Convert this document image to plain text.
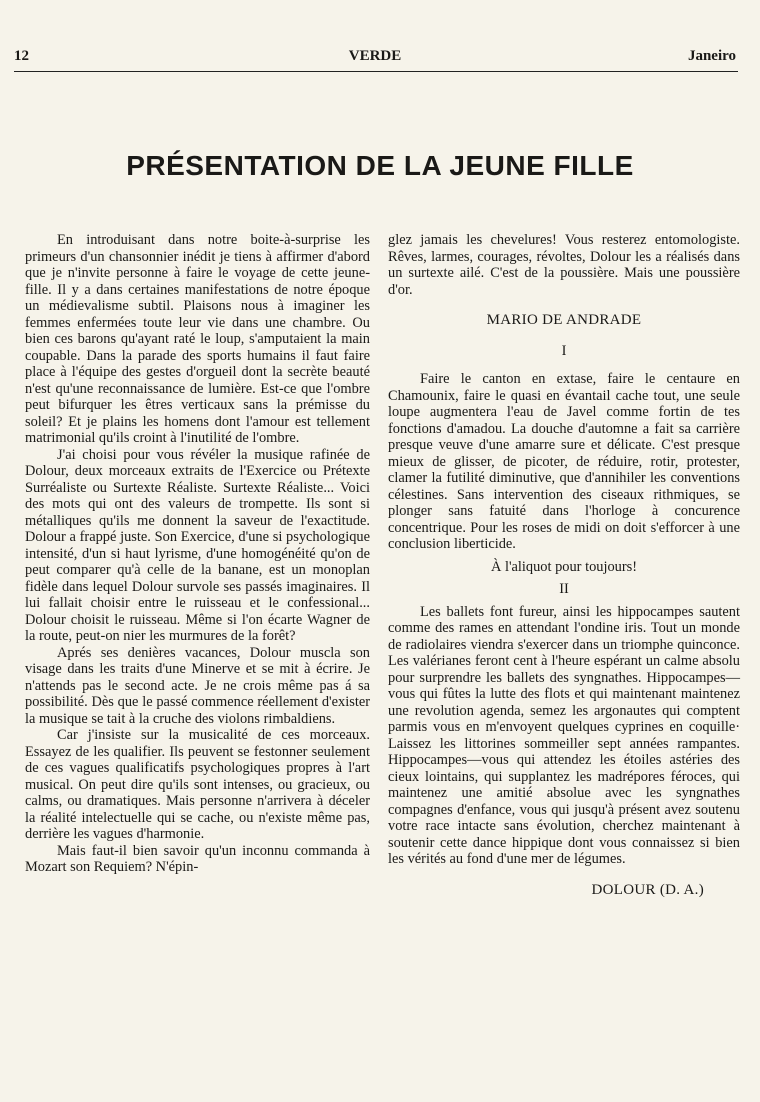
12	VERDE	Janeiro
PRÉSENTATION DE LA JEUNE FILLE

En introduisant dans notre boite-à-surprise les primeurs d'un chansonnier inédit je tiens à affirmer d'abord que je n'invite personne à faire le voyage de cette jeune-fille. Il y a dans certaines manifestations de notre époque un médievalisme subtil. Plaisons nous à imaginer les femmes enfermées toute leur vie dans une chambre. Ou bien ces barons qu'ayant raté le loup, s'amputaient la main coupable. Dans la parade des sports humains il faut faire place à l'équipe des gestes d'orgueil dont la secrète beauté n'est qu'une reconnaissance de lumière. Est-ce que l'ombre peut bifurquer les êtres verticaux sans la prémisse du soleil? Et je plains les homens dont l'amour est tellement matrimonial qu'ils croint à l'inutilité de l'ombre.

J'ai choisi pour vous révéler la musique rafinée de Dolour, deux morceaux extraits de l'Exercice ou Prétexte Surréaliste ou Surtexte Réaliste. Surtexte Réaliste... Voici des mots qui ont des valeurs de trompette. Ils sont si métalliques qu'ils me donnent la saveur de l'exactitude. Dolour a frappé juste. Son Exercice, d'une si psychologique intensité, d'un si haut lyrisme, d'une homogénéité qu'on de peut comparer qu'à celle de la banane, est un monoplan fidèle dans lequel Dolour survole ses passés imaginaires. Il lui fallait choisir entre le ruisseau et le confessional... Dolour choisit le ruisseau. Même si l'on écarte Wagner de la route, peut-on nier les murmures de la forêt?

Aprés ses denières vacances, Dolour muscla son visage dans les traits d'une Minerve et se mit à écrire. Je n'attends pas le second acte. Je ne crois même pas á sa possibilité. Dès que le passé commence réellement d'exister la musique se tait à la cruche des violons rimbaldiens.

Car j'insiste sur la musicalité de ces morceaux. Essayez de les qualifier. Ils peuvent se festonner seulement de ces vagues qualificatifs psychologiques propres à l'art musical. On peut dire qu'ils sont intenses, ou gracieux, ou calms, ou dramatiques. Mais personne n'arrivera à déceler la réalité intelectuelle qui se cache, ou n'existe même pas, derrière les vagues d'harmonie.

Mais faut-il bien savoir qu'un inconnu commanda à Mozart son Requiem? N'épin-

glez jamais les chevelures! Vous resterez entomologiste. Rêves, larmes, courages, révoltes, Dolour les a réalisés dans un surtexte ailé. C'est de la poussière. Mais une poussière d'or.

MARIO DE ANDRADE
I

Faire le canton en extase, faire le centaure en Chamounix, faire le quasi en évantail cache tout, une seule loupe augmentera l'eau de Javel comme fortin de tes fonctions d'amadou. La douche d'automne a fait sa carrière presque veuve d'une amarre sure et délicate. C'est presque mieux de glisser, de picoter, de réduire, rotir, protester, clamer la futilité diminutive, que d'annihiler les conventions célestines. Sans intervention des ciseaux rithmiques, se plonger sans fatuité dans l'horloge à concurence concentrique. Pour les roses de midi on doit s'efforcer à une conclusion liberticide.

À l'aliquot pour toujours!
II

Les ballets font fureur, ainsi les hippocampes sautent comme des rames en attendant l'ondine iris. Tout un monde de radiolaires viendra s'exercer dans un triomphe quinconce. Les valérianes feront cent à l'heure espérant un calme absolu pour surprendre les ballets des syngnathes. Hippocampes—vous qui fûtes la lutte des flots et qui maintenant maintenez une revolution agenda, semez les argonautes qui comptent parmis vous en m'envoyent quelques cyprines en coquille· Laissez les littorines sommeiller sept années rampantes. Hippocampes—vous qui attendez les étoiles astéries des cieux lointains, qui supplantez les madrépores féroces, qui maintenez une amitié absolue avec les syngnathes compagnes d'enfance, vous qui jusqu'à présent avez soutenu votre race intacte sans évolution, cherchez maintenant à soutenir cette dance hippique dont vous connaissez si bien les vérités au fond d'une mer de légumes.

DOLOUR (D. A.)
